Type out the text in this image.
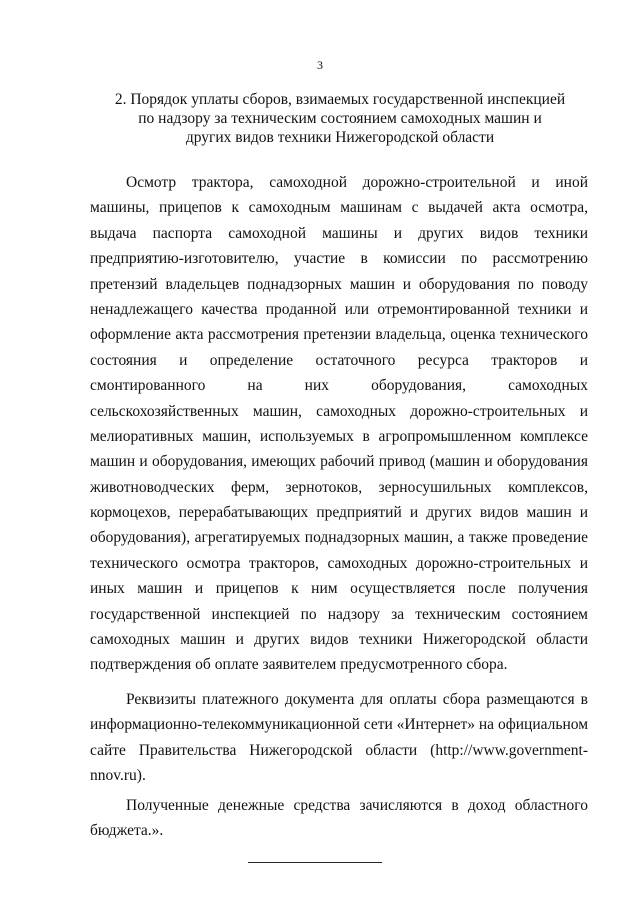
3
2. Порядок уплаты сборов, взимаемых государственной инспекцией
по надзору за техническим состоянием самоходных машин и
других видов техники Нижегородской области
Осмотр трактора, самоходной дорожно-строительной и иной
машины, прицепов к самоходным машинам с выдачей акта осмотра,
выдача паспорта самоходной машины и других видов техники
предприятию-изготовителю, участие в комиссии по рассмотрению
претензий владельцев поднадзорных машин и оборудования по поводу
ненадлежащего качества проданной или отремонтированной техники и
оформление акта рассмотрения претензии владельца, оценка технического
состояния и определение остаточного ресурса тракторов и
смонтированного на них оборудования, самоходных
сельскохозяйственных машин, самоходных дорожно-строительных и
мелиоративных машин, используемых в агропромышленном комплексе
машин и оборудования, имеющих рабочий привод (машин и оборудования
животноводческих ферм, зернотоков, зерносушильных комплексов,
кормоцехов, перерабатывающих предприятий и других видов машин и
оборудования), агрегатируемых поднадзорных машин, а также проведение
технического осмотра тракторов, самоходных дорожно-строительных и
иных машин и прицепов к ним осуществляется после получения
государственной инспекцией по надзору за техническим состоянием
самоходных машин и других видов техники Нижегородской области
подтверждения об оплате заявителем предусмотренного сбора.
Реквизиты платежного документа для оплаты сбора размещаются в
информационно-телекоммуникационной сети «Интернет» на официальном
сайте Правительства Нижегородской области (http://www.government-
nnov.ru).
Полученные денежные средства зачисляются в доход областного
бюджета.».
